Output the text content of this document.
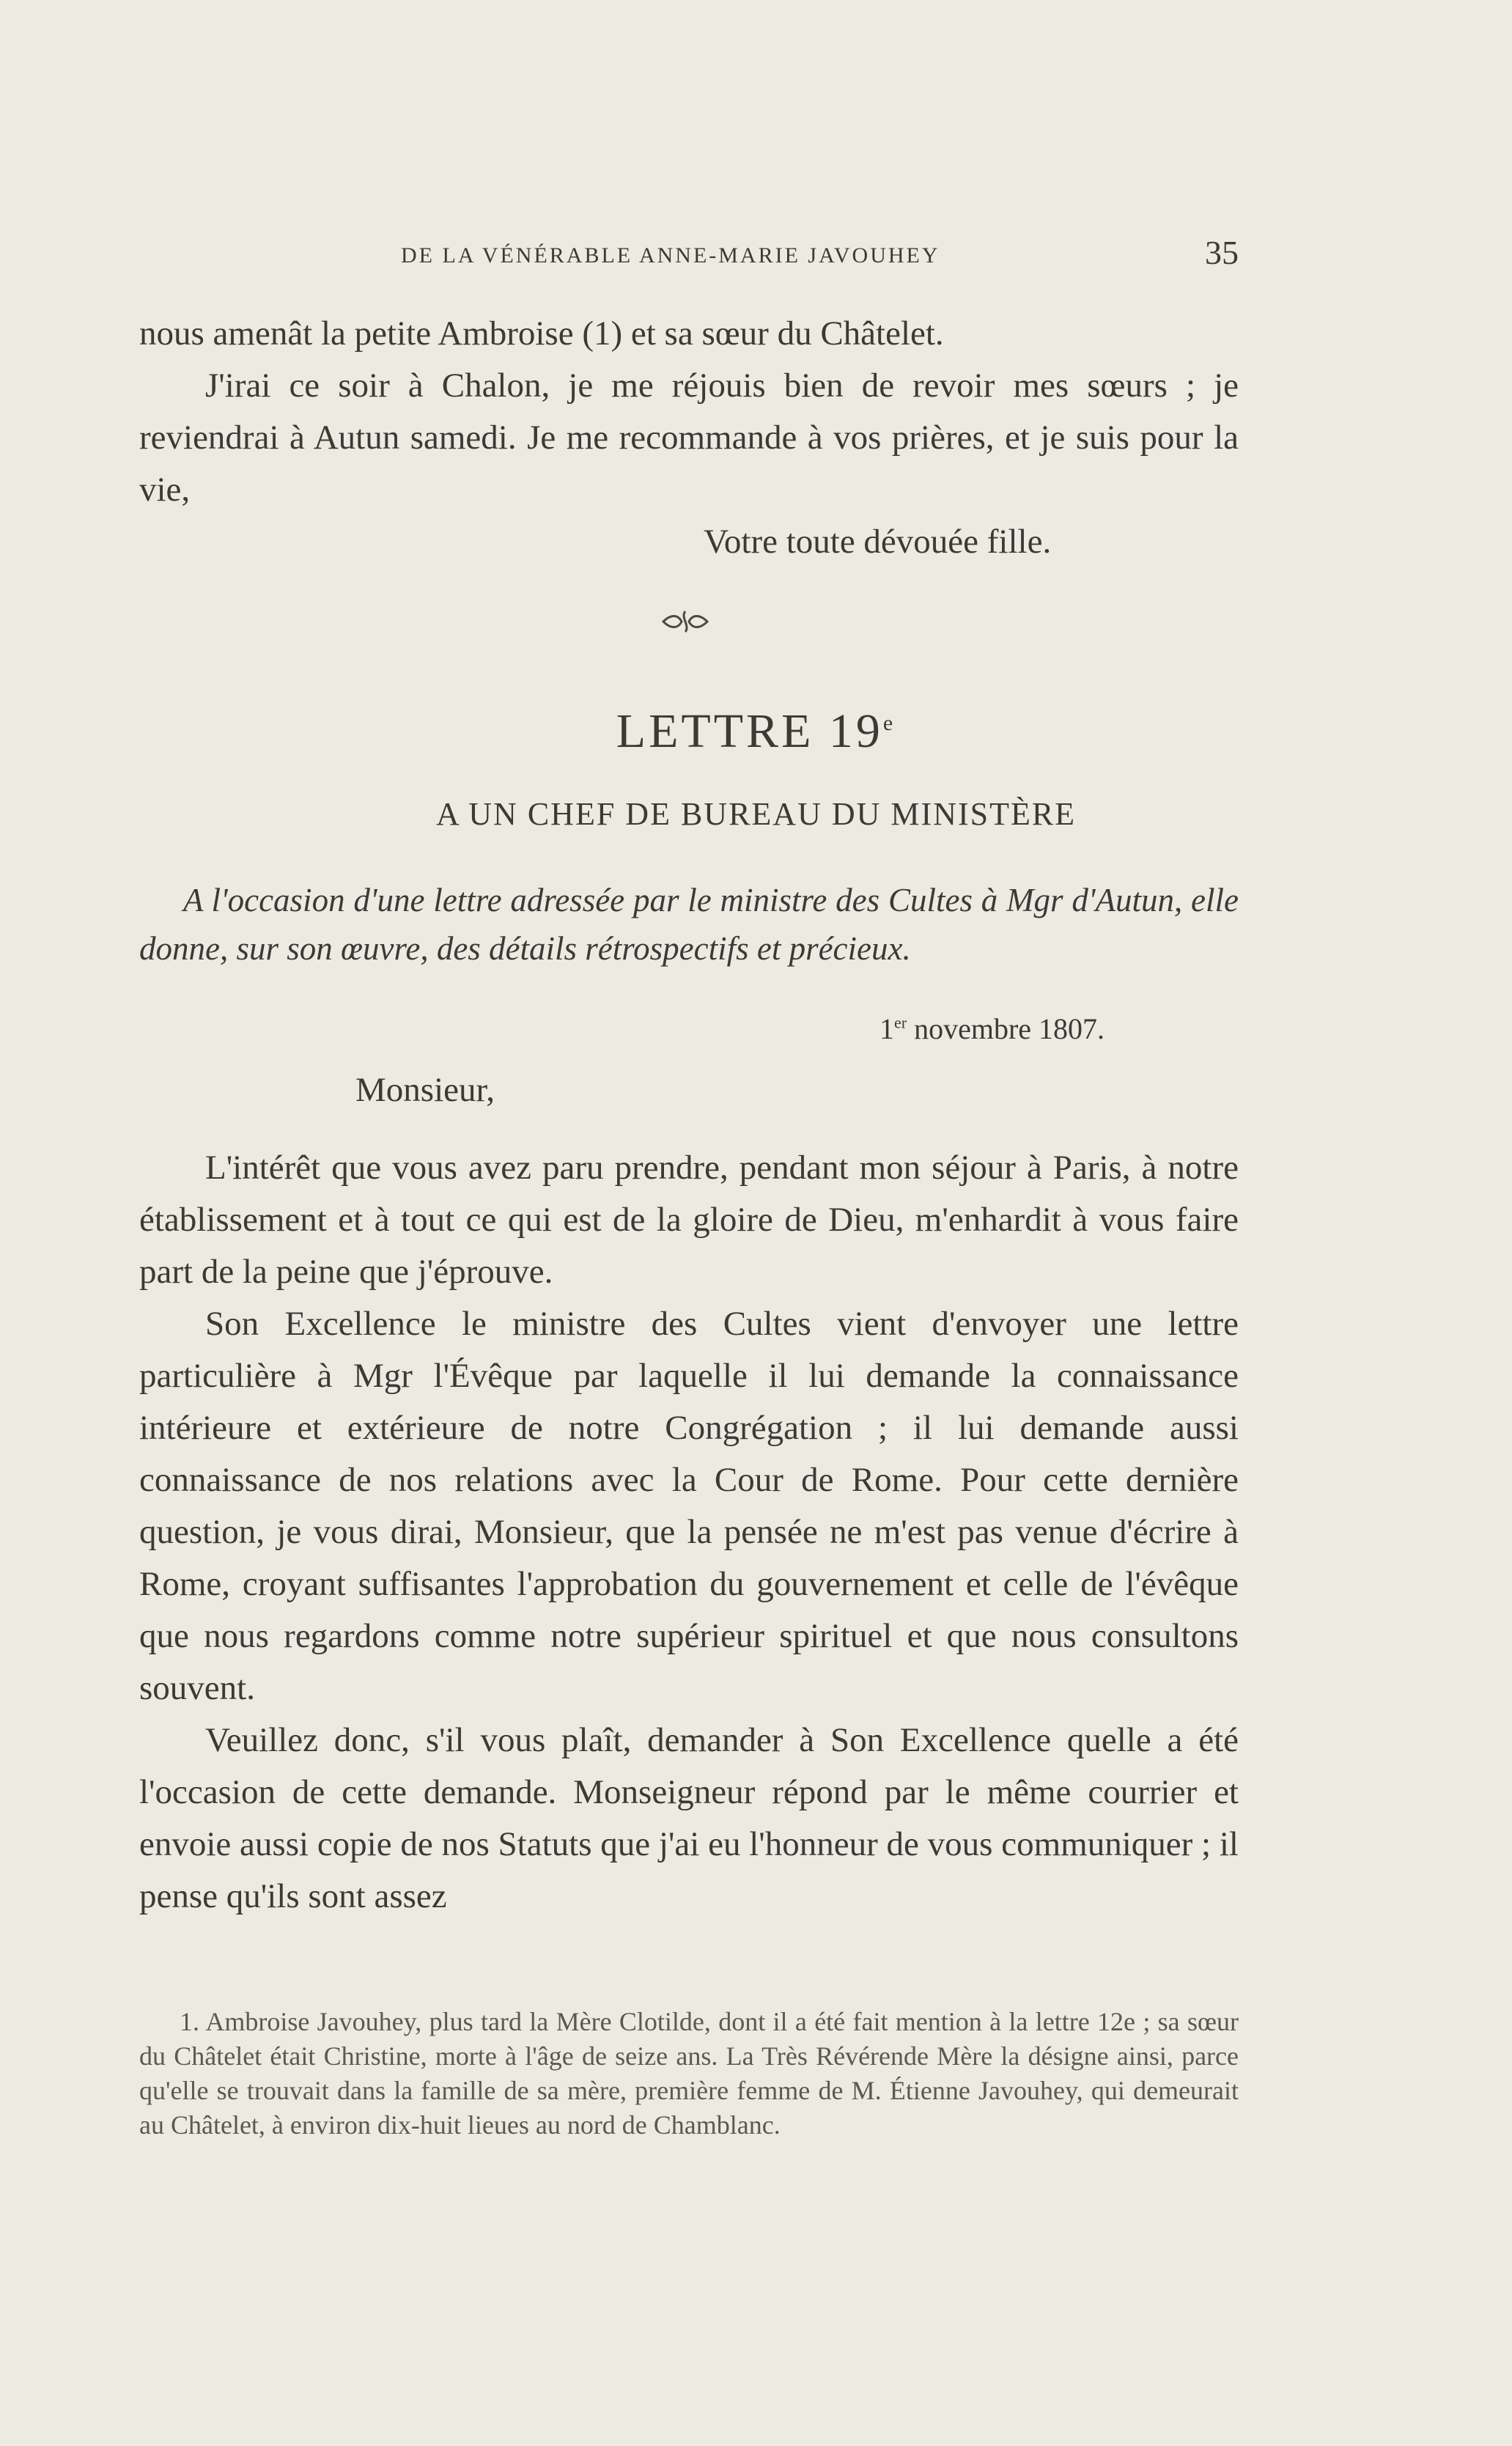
DE LA VÉNÉRABLE ANNE-MARIE JAVOUHEY	35

nous amenât la petite Ambroise (1) et sa sœur du Châtelet.

J'irai ce soir à Chalon, je me réjouis bien de revoir mes sœurs ; je reviendrai à Autun samedi. Je me recommande à vos prières, et je suis pour la vie,

Votre toute dévouée fille.

LETTRE 19e
A UN CHEF DE BUREAU DU MINISTÈRE

A l'occasion d'une lettre adressée par le ministre des Cultes à Mgr d'Autun, elle donne, sur son œuvre, des détails rétrospectifs et précieux.

1er novembre 1807.
Monsieur,

L'intérêt que vous avez paru prendre, pendant mon séjour à Paris, à notre établissement et à tout ce qui est de la gloire de Dieu, m'enhardit à vous faire part de la peine que j'éprouve.

Son Excellence le ministre des Cultes vient d'envoyer une lettre particulière à Mgr l'Évêque par laquelle il lui demande la connaissance intérieure et extérieure de notre Congrégation ; il lui demande aussi connaissance de nos relations avec la Cour de Rome. Pour cette dernière question, je vous dirai, Monsieur, que la pensée ne m'est pas venue d'écrire à Rome, croyant suffisantes l'approbation du gouvernement et celle de l'évêque que nous regardons comme notre supérieur spirituel et que nous consultons souvent.

Veuillez donc, s'il vous plaît, demander à Son Excellence quelle a été l'occasion de cette demande. Monseigneur répond par le même courrier et envoie aussi copie de nos Statuts que j'ai eu l'honneur de vous communiquer ; il pense qu'ils sont assez

1. Ambroise Javouhey, plus tard la Mère Clotilde, dont il a été fait mention à la lettre 12e ; sa sœur du Châtelet était Christine, morte à l'âge de seize ans. La Très Révérende Mère la désigne ainsi, parce qu'elle se trouvait dans la famille de sa mère, première femme de M. Étienne Javouhey, qui demeurait au Châtelet, à environ dix-huit lieues au nord de Chamblanc.
